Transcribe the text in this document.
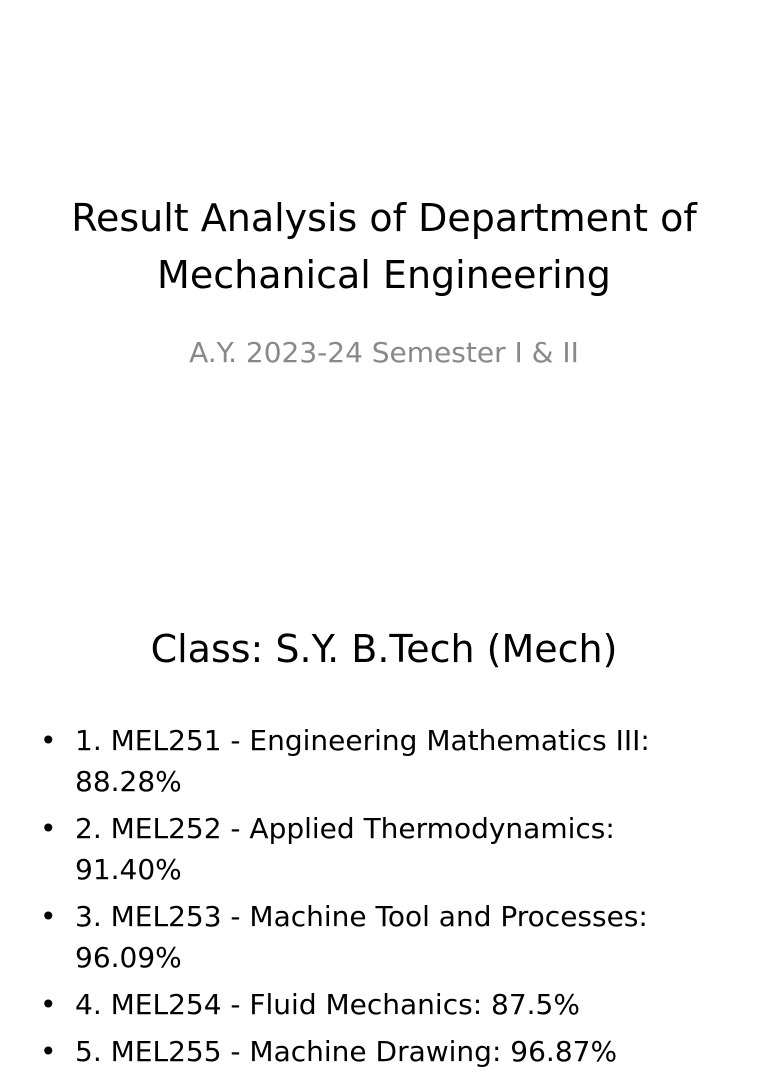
Result Analysis of Department of Mechanical Engineering

A.Y. 2023-24 Semester I & II

Class: S.Y. B.Tech (Mech)
• 1. MEL251 - Engineering Mathematics III: 88.28%
• 2. MEL252 - Applied Thermodynamics: 91.40%
• 3. MEL253 - Machine Tool and Processes: 96.09%
• 4. MEL254 - Fluid Mechanics: 87.5%
• 5. MEL255 - Machine Drawing: 96.87%
